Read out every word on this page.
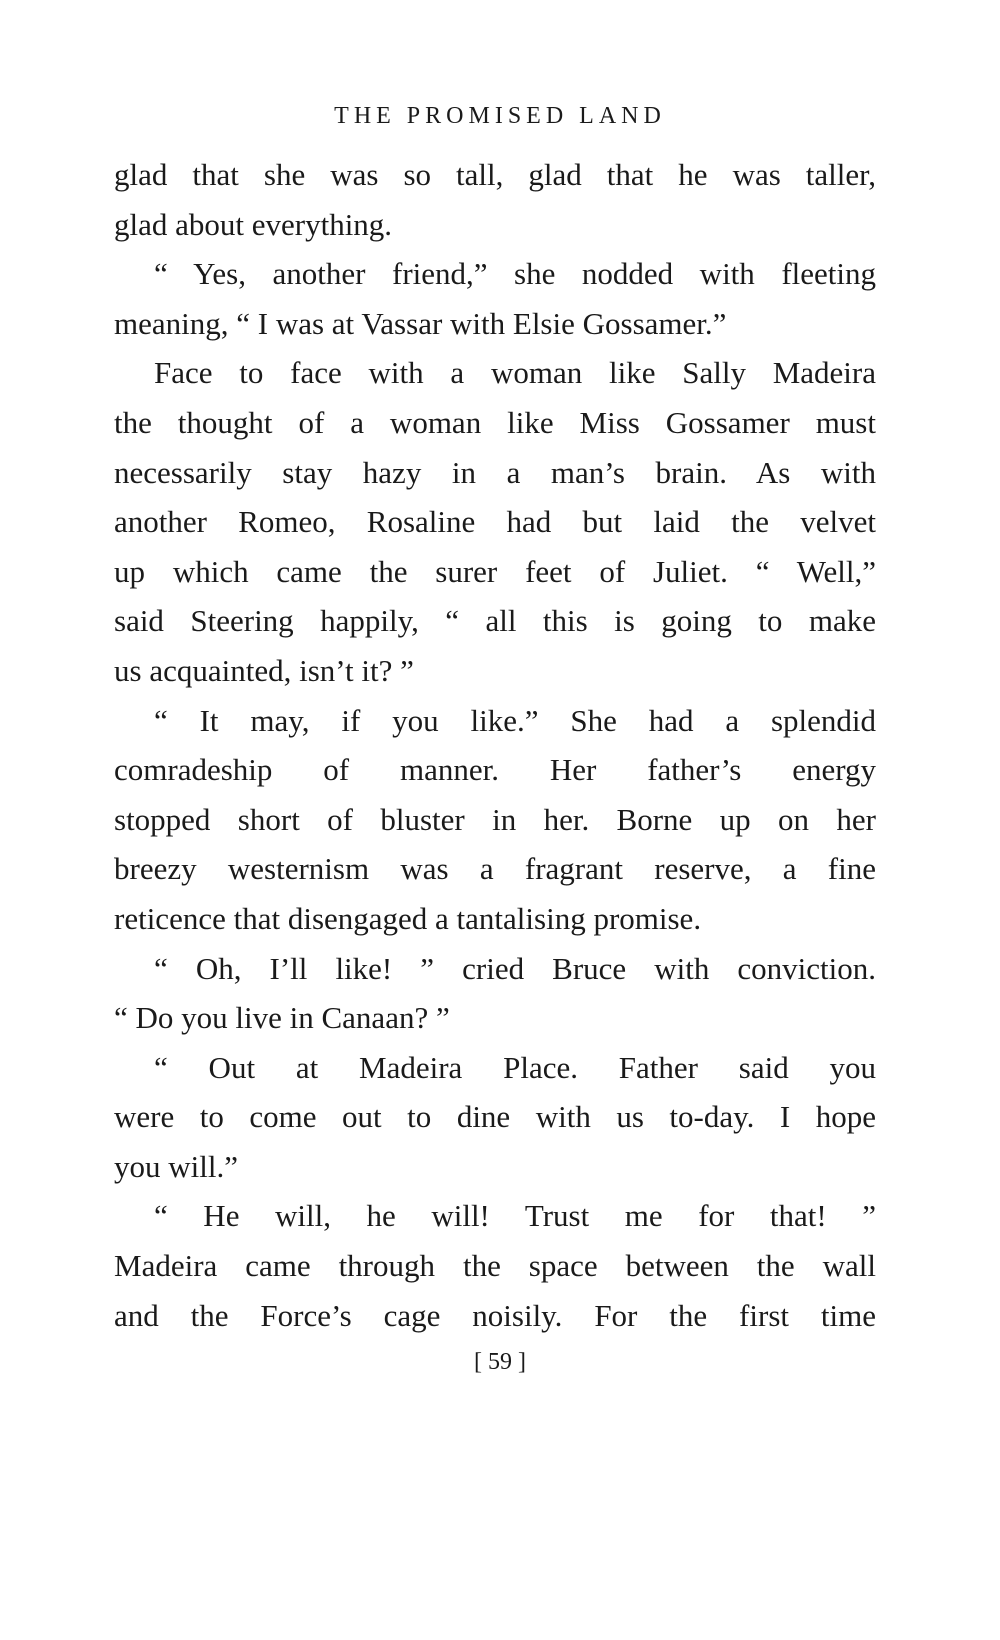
THE PROMISED LAND
glad that she was so tall, glad that he was taller,
glad about everything.
“ Yes, another friend,” she nodded with fleeting
meaning, “ I was at Vassar with Elsie Gossamer.”
Face to face with a woman like Sally Madeira
the thought of a woman like Miss Gossamer must
necessarily stay hazy in a man’s brain. As with
another Romeo, Rosaline had but laid the velvet
up which came the surer feet of Juliet. “ Well,”
said Steering happily, “ all this is going to make
us acquainted, isn’t it? ”
“ It may, if you like.” She had a splendid
comradeship of manner. Her father’s energy
stopped short of bluster in her. Borne up on her
breezy westernism was a fragrant reserve, a fine
reticence that disengaged a tantalising promise.
“ Oh, I’ll like! ” cried Bruce with conviction.
“ Do you live in Canaan? ”
“ Out at Madeira Place. Father said you
were to come out to dine with us to-day. I hope
you will.”
“ He will, he will! Trust me for that! ”
Madeira came through the space between the wall
and the Force’s cage noisily. For the first time
[ 59 ]
